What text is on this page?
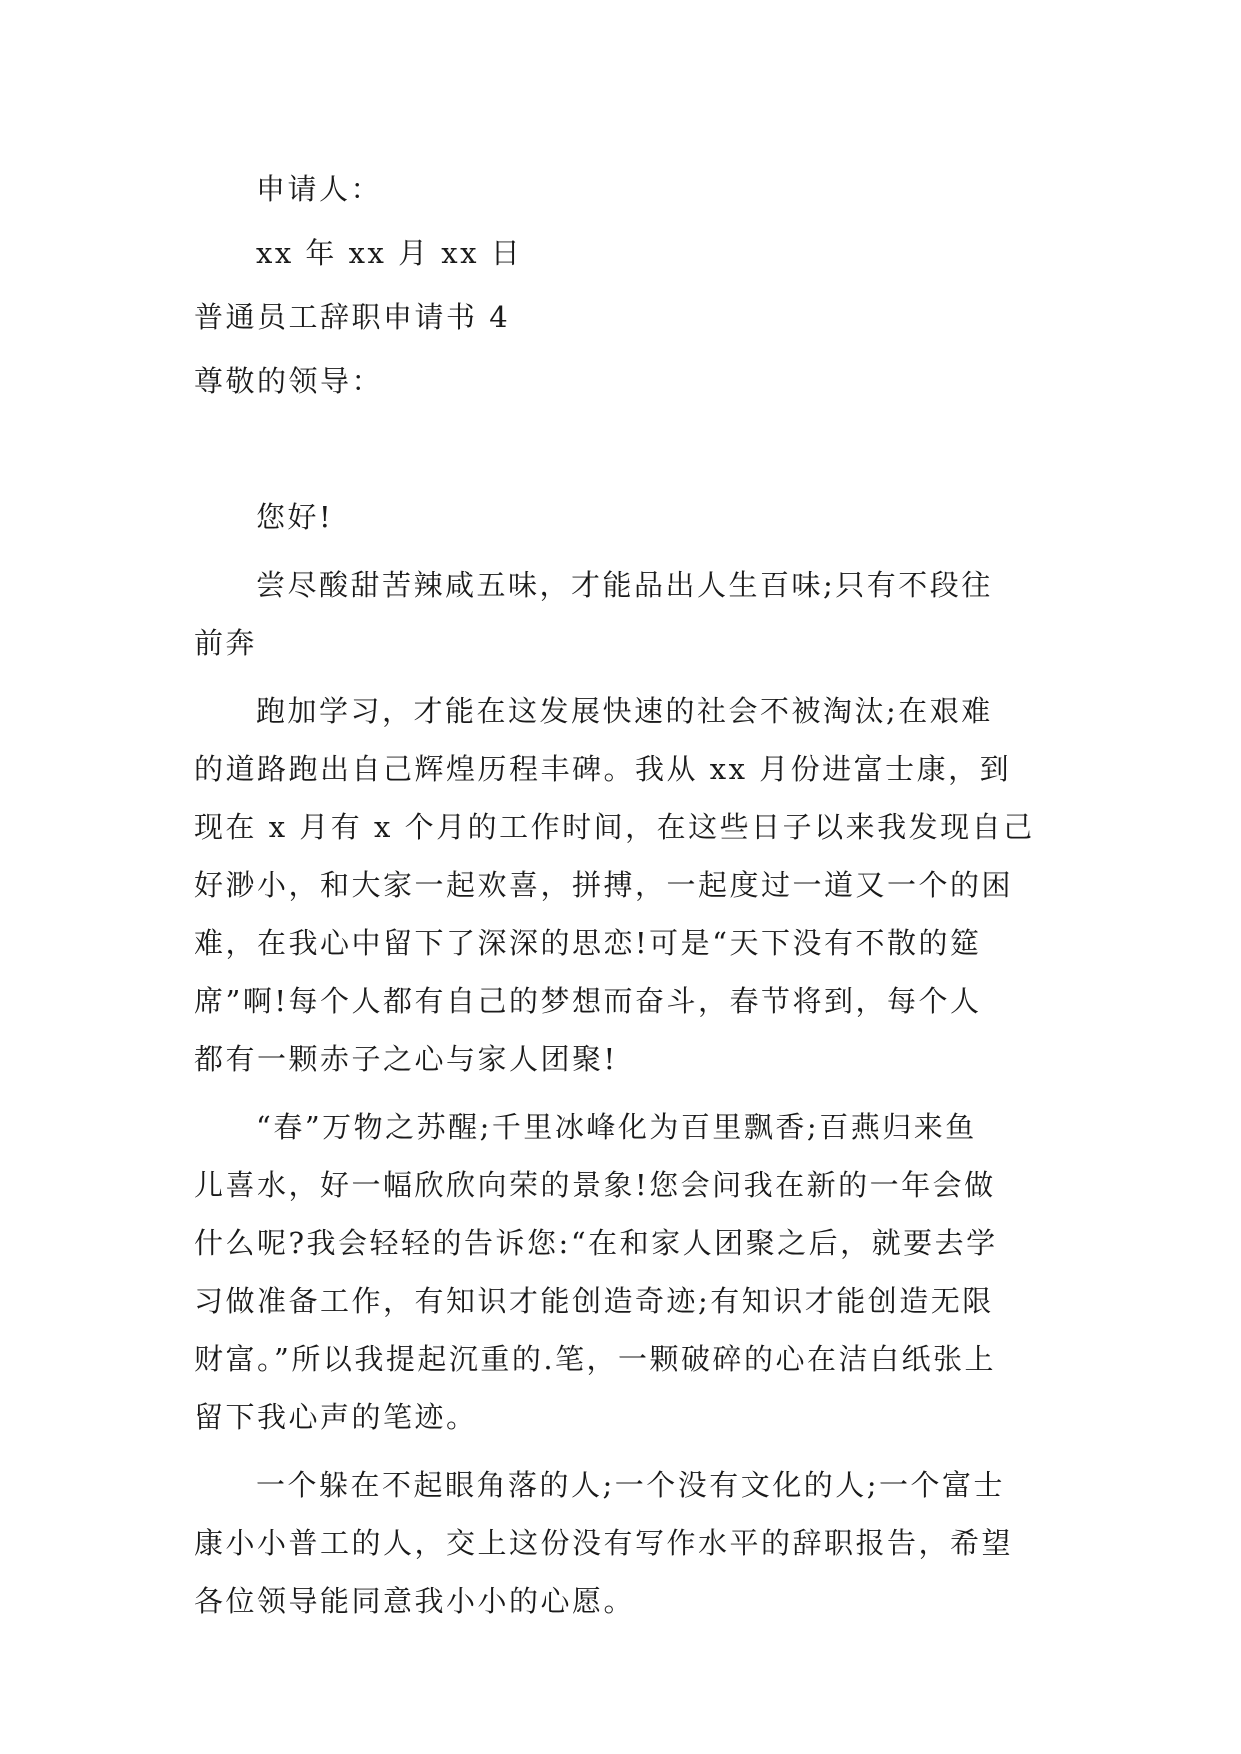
申请人：
xx 年 xx 月 xx 日
普通员工辞职申请书 4
尊敬的领导：
您好!
尝尽酸甜苦辣咸五味，才能品出人生百味;只有不段往
前奔
跑加学习，才能在这发展快速的社会不被淘汰;在艰难
的道路跑出自己辉煌历程丰碑。我从 xx 月份进富士康，到
现在 x 月有 x 个月的工作时间，在这些日子以来我发现自己
好渺小，和大家一起欢喜，拼搏，一起度过一道又一个的困
难，在我心中留下了深深的思恋!可是“天下没有不散的筵
席”啊!每个人都有自己的梦想而奋斗，春节将到，每个人
都有一颗赤子之心与家人团聚!
“春”万物之苏醒;千里冰峰化为百里飘香;百燕归来鱼
儿喜水，好一幅欣欣向荣的景象!您会问我在新的一年会做
什么呢?我会轻轻的告诉您:“在和家人团聚之后，就要去学
习做准备工作，有知识才能创造奇迹;有知识才能创造无限
财富。”所以我提起沉重的.笔，一颗破碎的心在洁白纸张上
留下我心声的笔迹。
一个躲在不起眼角落的人;一个没有文化的人;一个富士
康小小普工的人，交上这份没有写作水平的辞职报告，希望
各位领导能同意我小小的心愿。
